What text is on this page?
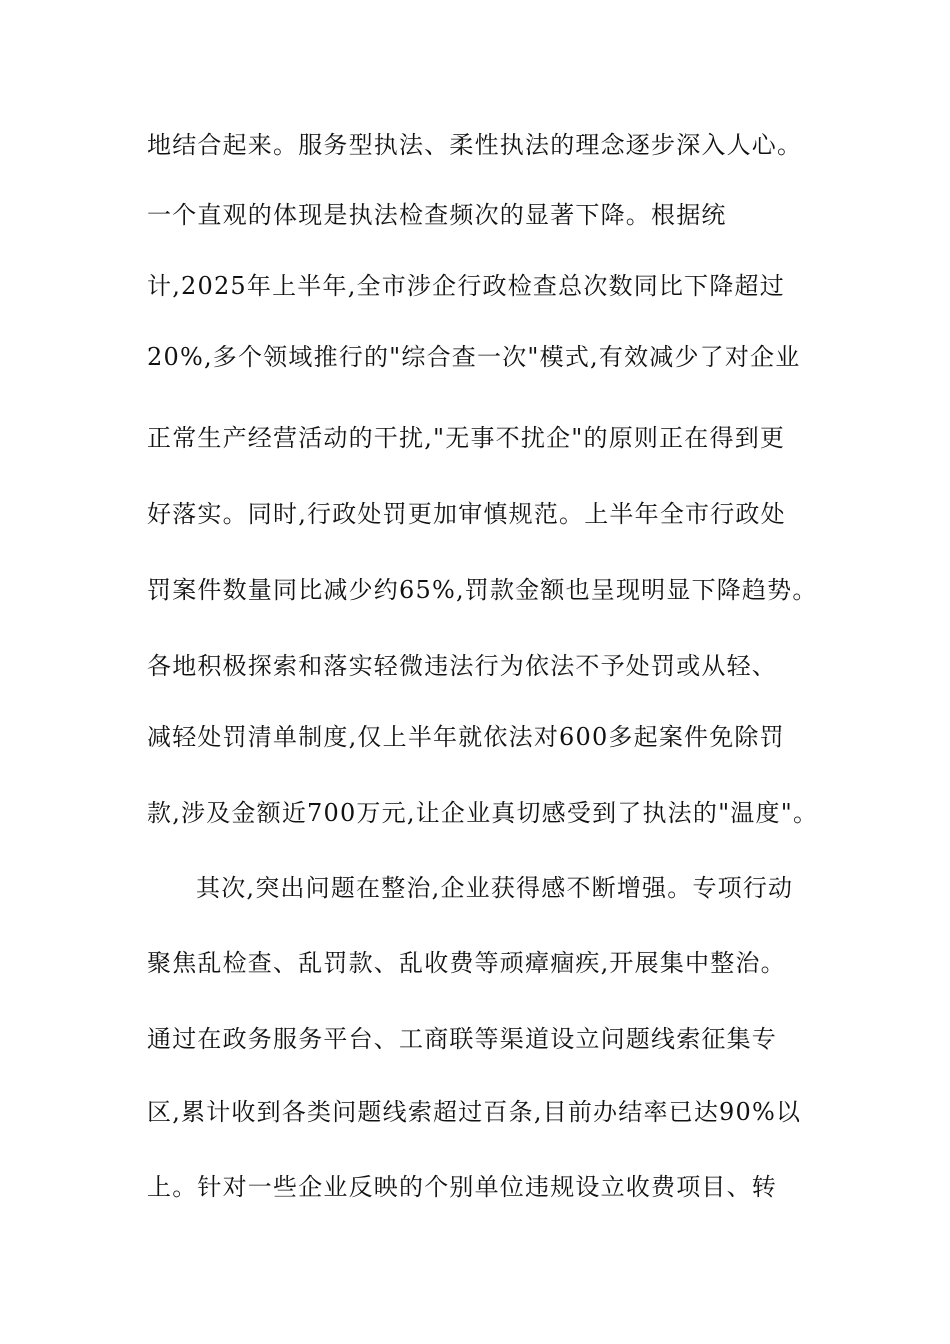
地结合起来。服务型执法、柔性执法的理念逐步深入人心。
一个直观的体现是执法检查频次的显著下降。根据统
计,2025年上半年,全市涉企行政检查总次数同比下降超过
20%,多个领域推行的"综合查一次"模式,有效减少了对企业
正常生产经营活动的干扰,"无事不扰企"的原则正在得到更
好落实。同时,行政处罚更加审慎规范。上半年全市行政处
罚案件数量同比减少约65%,罚款金额也呈现明显下降趋势。
各地积极探索和落实轻微违法行为依法不予处罚或从轻、
减轻处罚清单制度,仅上半年就依法对600多起案件免除罚
款,涉及金额近700万元,让企业真切感受到了执法的"温度"。
其次,突出问题在整治,企业获得感不断增强。专项行动
聚焦乱检查、乱罚款、乱收费等顽瘴痼疾,开展集中整治。
通过在政务服务平台、工商联等渠道设立问题线索征集专
区,累计收到各类问题线索超过百条,目前办结率已达90%以
上。针对一些企业反映的个别单位违规设立收费项目、转
